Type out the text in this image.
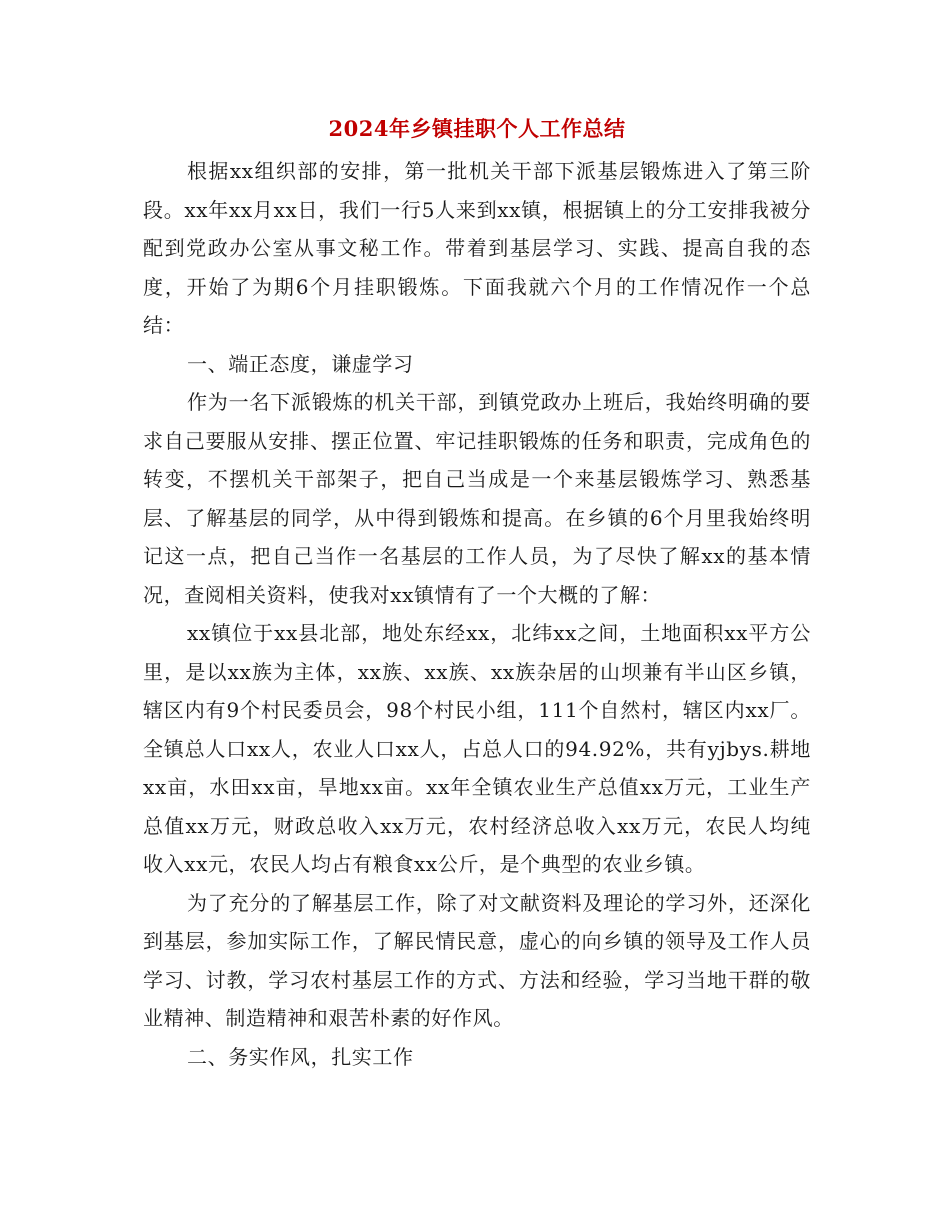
2024年乡镇挂职个人工作总结

根据xx组织部的安排，第一批机关干部下派基层锻炼进入了第三阶段。xx年xx月xx日，我们一行5人来到xx镇，根据镇上的分工安排我被分配到党政办公室从事文秘工作。带着到基层学习、实践、提高自我的态度，开始了为期6个月挂职锻炼。下面我就六个月的工作情况作一个总结：

一、端正态度，谦虚学习

作为一名下派锻炼的机关干部，到镇党政办上班后，我始终明确的要求自己要服从安排、摆正位置、牢记挂职锻炼的任务和职责，完成角色的转变，不摆机关干部架子，把自己当成是一个来基层锻炼学习、熟悉基层、了解基层的同学，从中得到锻炼和提高。在乡镇的6个月里我始终明记这一点，把自己当作一名基层的工作人员，为了尽快了解xx的基本情况，查阅相关资料，使我对xx镇情有了一个大概的了解：

xx镇位于xx县北部，地处东经xx，北纬xx之间，土地面积xx平方公里，是以xx族为主体，xx族、xx族、xx族杂居的山坝兼有半山区乡镇，辖区内有9个村民委员会，98个村民小组，111个自然村，辖区内xx厂。全镇总人口xx人，农业人口xx人，占总人口的94.92%，共有yjbys.耕地xx亩，水田xx亩，旱地xx亩。xx年全镇农业生产总值xx万元，工业生产总值xx万元，财政总收入xx万元，农村经济总收入xx万元，农民人均纯收入xx元，农民人均占有粮食xx公斤，是个典型的农业乡镇。

为了充分的了解基层工作，除了对文献资料及理论的学习外，还深化到基层，参加实际工作，了解民情民意，虚心的向乡镇的领导及工作人员学习、讨教，学习农村基层工作的方式、方法和经验，学习当地干群的敬业精神、制造精神和艰苦朴素的好作风。

二、务实作风，扎实工作
